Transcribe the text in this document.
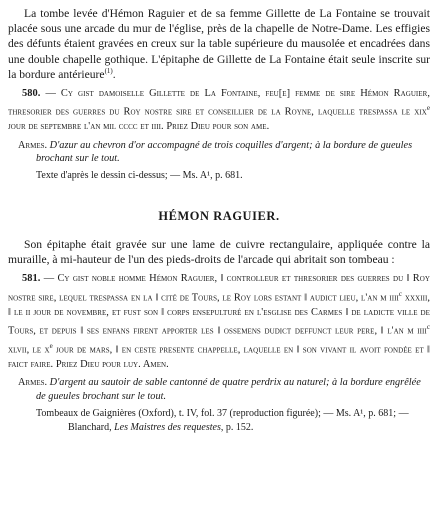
La tombe levée d'Hémon Raguier et de sa femme Gillette de La Fontaine se trouvait placée sous une arcade du mur de l'église, près de la chapelle de Notre-Dame. Les effigies des défunts étaient gravées en creux sur la table supérieure du mausolée et encadrées dans une double chapelle gothique. L'épitaphe de Gillette de La Fontaine était seule inscrite sur la bordure antérieure$^{(1)}$.

580. — Cy gist damoiselle Gillette de La Fontaine, feu[e] femme de sire Hémon Raguier, thresorier des guerres du Roy nostre sire et conseillier de la Royne, laquelle trespassa le xix$^e$ jour de septembre l'an mil cccc et iiii. Priez Dieu pour son ame.

Armes. D'azur au chevron d'or accompagné de trois coquilles d'argent; à la bordure de gueules brochant sur le tout.

Texte d'après le dessin ci-dessus; — Ms. A¹, p. 681.

HÉMON RAGUIER.

Son épitaphe était gravée sur une lame de cuivre rectangulaire, appliquée contre la muraille, à mi-hauteur de l'un des pieds-droits de l'arcade qui abritait son tombeau :

581. — Cy gist noble homme Hémon Raguier, ‖ controlleur et thresorier des guerres du ‖ Roy nostre sire, lequel trespassa en la ‖ cité de Tours, le Roy lors estant ‖ audict lieu, l'an m iiii$^c$ xxxiii, ‖ le ii jour de novembre, et fust son ‖ corps ensepulturé en l'esglise des Carmes ‖ de ladicte ville de Tours, et depuis ‖ ses enfans firent apporter les ‖ ossemens dudict deffunct leur pere, ‖ l'an m iiii$^c$ xlvii, le $x^e$ jour de mars, ‖ en ceste presente chappelle, laquelle en ‖ son vivant il avoit fondée et ‖ faict faire. Priez Dieu pour luy. Amen.

Armes. D'argent au sautoir de sable cantonné de quatre perdrix au naturel; à la bordure engrêlée de gueules brochant sur le tout.

Tombeaux de Gaignières (Oxford), t. IV, fol. 37 (reproduction figurée); — Ms. A¹, p. 681; —
Blanchard, Les Maistres des requestes, p. 152.
